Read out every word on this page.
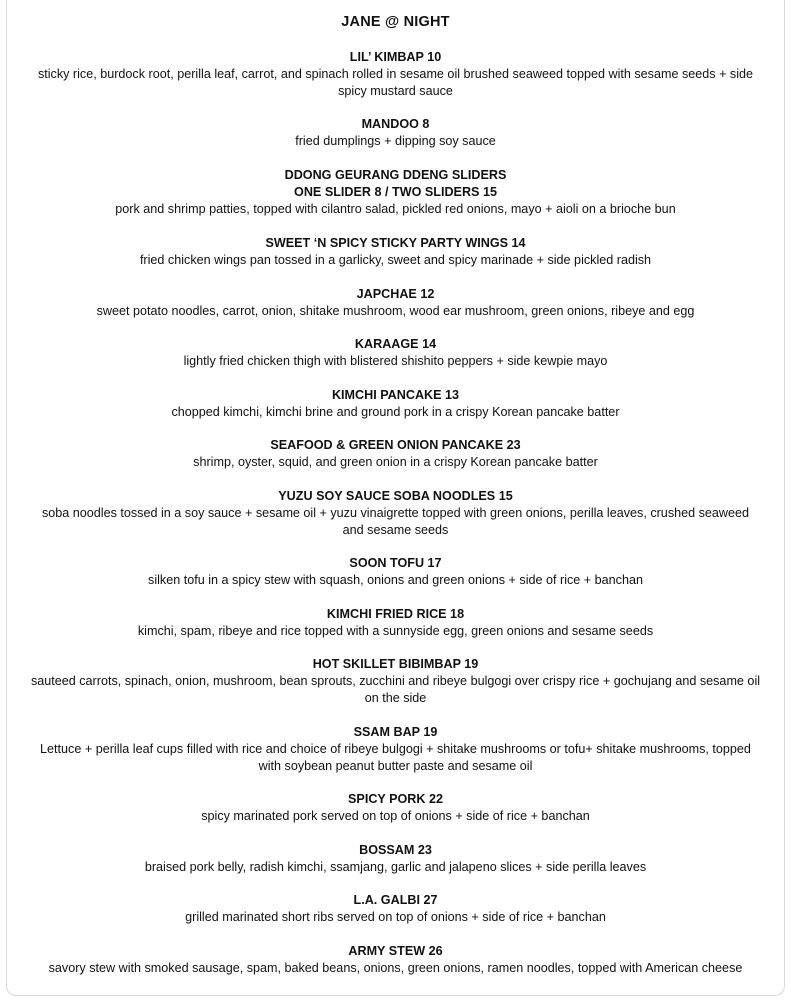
JANE @ NIGHT

LIL’ KIMBAP 10

sticky rice, burdock root, perilla leaf, carrot, and spinach rolled in sesame oil brushed seaweed topped with sesame seeds + side spicy mustard sauce

MANDOO 8

fried dumplings + dipping soy sauce

DDONG GEURANG DDENG SLIDERS

ONE SLIDER 8 / TWO SLIDERS 15

pork and shrimp patties, topped with cilantro salad, pickled red onions, mayo + aioli on a brioche bun

SWEET ‘N SPICY STICKY PARTY WINGS 14

fried chicken wings pan tossed in a garlicky, sweet and spicy marinade + side pickled radish

JAPCHAE 12

sweet potato noodles, carrot, onion, shitake mushroom, wood ear mushroom, green onions, ribeye and egg

KARAAGE 14

lightly fried chicken thigh with blistered shishito peppers + side kewpie mayo

KIMCHI PANCAKE 13

chopped kimchi, kimchi brine and ground pork in a crispy Korean pancake batter

SEAFOOD & GREEN ONION PANCAKE 23

shrimp, oyster, squid, and green onion in a crispy Korean pancake batter

YUZU SOY SAUCE SOBA NOODLES 15

soba noodles tossed in a soy sauce + sesame oil + yuzu vinaigrette topped with green onions, perilla leaves, crushed seaweed and sesame seeds

SOON TOFU 17

silken tofu in a spicy stew with squash, onions and green onions + side of rice + banchan

KIMCHI FRIED RICE 18

kimchi, spam, ribeye and rice topped with a sunnyside egg, green onions and sesame seeds

HOT SKILLET BIBIMBAP 19

sauteed carrots, spinach, onion, mushroom, bean sprouts, zucchini and ribeye bulgogi over crispy rice + gochujang and sesame oil on the side

SSAM BAP 19

Lettuce + perilla leaf cups filled with rice and choice of ribeye bulgogi + shitake mushrooms or tofu+ shitake mushrooms, topped with soybean peanut butter paste and sesame oil

SPICY PORK 22

spicy marinated pork served on top of onions + side of rice + banchan

BOSSAM 23

braised pork belly, radish kimchi, ssamjang, garlic and jalapeno slices + side perilla leaves

L.A. GALBI 27

grilled marinated short ribs served on top of onions + side of rice + banchan

ARMY STEW 26

savory stew with smoked sausage, spam, baked beans, onions, green onions, ramen noodles, topped with American cheese
